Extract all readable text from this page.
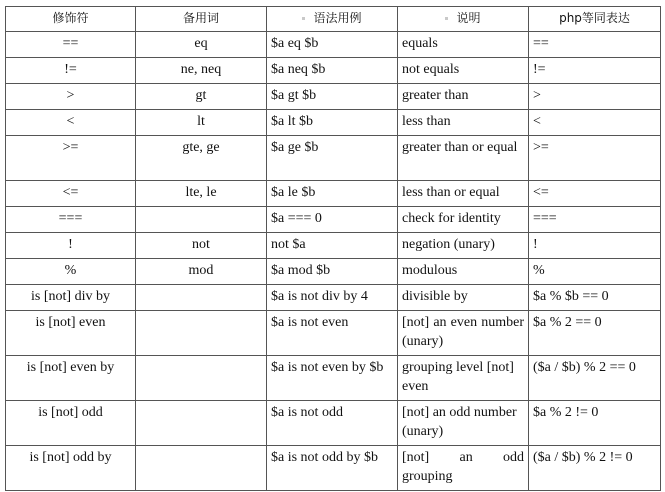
修饰符	备用词	语法用例	说明	php等同表达
==	eq	$a eq $b	equals	==
!=	ne, neq	$a neq $b	not equals	!=
>	gt	$a gt $b	greater than	>
<	lt	$a lt $b	less than	<
>=	gte, ge	$a ge $b	greater than or equal	>=
<=	lte, le	$a le $b	less than or equal	<=
===		$a === 0	check for identity	===
!	not	not $a	negation (unary)	!
%	mod	$a mod $b	modulous	%
is [not] div by		$a is not div by 4	divisible by	$a % $b == 0
is [not] even		$a is not even	[not] an even number (unary)	$a % 2 == 0
is [not] even by		$a is not even by $b	grouping level [not] even	($a / $b) % 2 == 0
is [not] odd		$a is not odd	[not] an odd number (unary)	$a % 2 != 0
is [not] odd by		$a is not odd by $b	[not] an odd grouping	($a / $b) % 2 != 0
